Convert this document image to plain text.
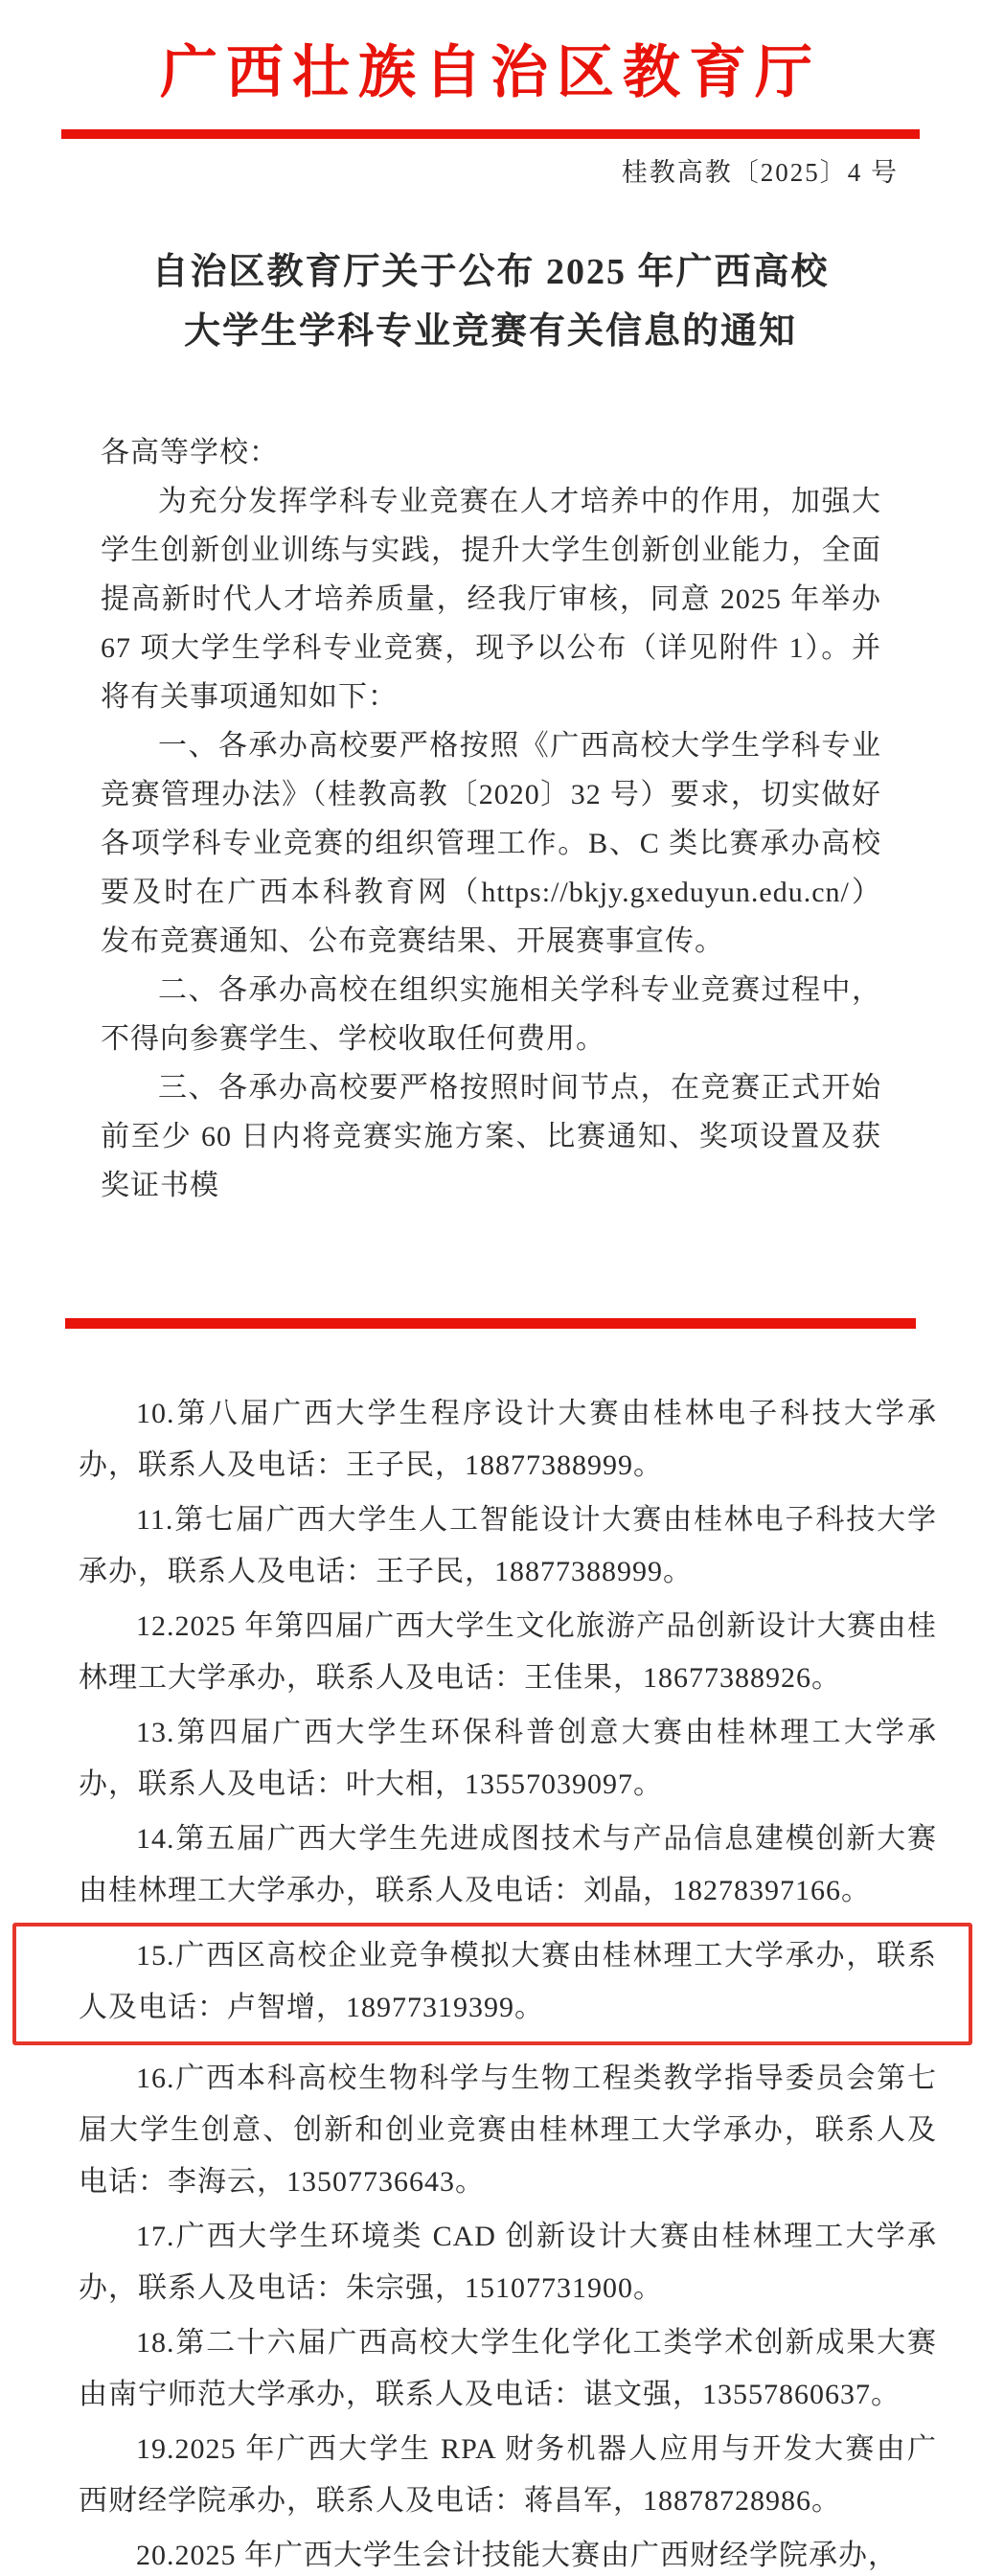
广西壮族自治区教育厅
桂教高教〔2025〕4 号
自治区教育厅关于公布 2025 年广西高校
大学生学科专业竞赛有关信息的通知

各高等学校：

为充分发挥学科专业竞赛在人才培养中的作用，加强大学生创新创业训练与实践，提升大学生创新创业能力，全面提高新时代人才培养质量，经我厅审核，同意 2025 年举办 67 项大学生学科专业竞赛，现予以公布（详见附件 1）。并将有关事项通知如下：

一、各承办高校要严格按照《广西高校大学生学科专业竞赛管理办法》（桂教高教〔2020〕32 号）要求，切实做好各项学科专业竞赛的组织管理工作。B、C 类比赛承办高校要及时在广西本科教育网（https://bkjy.gxeduyun.edu.cn/）发布竞赛通知、公布竞赛结果、开展赛事宣传。

二、各承办高校在组织实施相关学科专业竞赛过程中，不得向参赛学生、学校收取任何费用。

三、各承办高校要严格按照时间节点，在竞赛正式开始前至少 60 日内将竞赛实施方案、比赛通知、奖项设置及获奖证书模

10.第八届广西大学生程序设计大赛由桂林电子科技大学承办，联系人及电话：王子民，18877388999。

11.第七届广西大学生人工智能设计大赛由桂林电子科技大学承办，联系人及电话：王子民，18877388999。

12.2025 年第四届广西大学生文化旅游产品创新设计大赛由桂林理工大学承办，联系人及电话：王佳果，18677388926。

13.第四届广西大学生环保科普创意大赛由桂林理工大学承办，联系人及电话：叶大相，13557039097。

14.第五届广西大学生先进成图技术与产品信息建模创新大赛由桂林理工大学承办，联系人及电话：刘晶，18278397166。

15.广西区高校企业竞争模拟大赛由桂林理工大学承办，联系人及电话：卢智增，18977319399。

16.广西本科高校生物科学与生物工程类教学指导委员会第七届大学生创意、创新和创业竞赛由桂林理工大学承办，联系人及电话：李海云，13507736643。

17.广西大学生环境类 CAD 创新设计大赛由桂林理工大学承办，联系人及电话：朱宗强，15107731900。

18.第二十六届广西高校大学生化学化工类学术创新成果大赛由南宁师范大学承办，联系人及电话：谌文强，13557860637。

19.2025 年广西大学生 RPA 财务机器人应用与开发大赛由广西财经学院承办，联系人及电话：蒋昌军，18878728986。

20.2025 年广西大学生会计技能大赛由广西财经学院承办，
